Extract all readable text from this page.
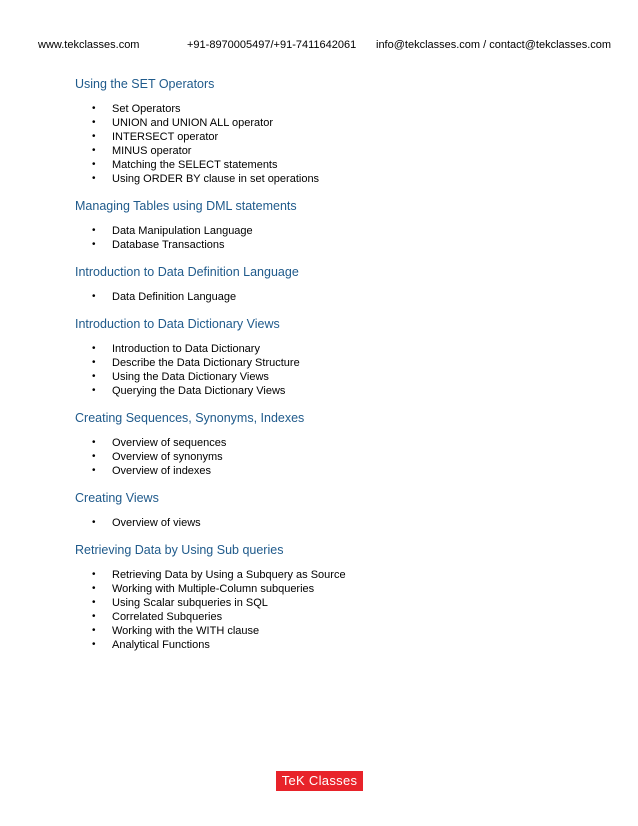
www.tekclasses.com	+91-8970005497/+91-7411642061 info@tekclasses.com / contact@tekclasses.com
Using the SET Operators
• Set Operators
• UNION and UNION ALL operator
• INTERSECT operator
• MINUS operator
• Matching the SELECT statements
• Using ORDER BY clause in set operations
Managing Tables using DML statements
• Data Manipulation Language
• Database Transactions
Introduction to Data Definition Language
• Data Definition Language
Introduction to Data Dictionary Views
• Introduction to Data Dictionary
• Describe the Data Dictionary Structure
• Using the Data Dictionary Views
• Querying the Data Dictionary Views
Creating Sequences, Synonyms, Indexes
• Overview of sequences
• Overview of synonyms
• Overview of indexes
Creating Views
• Overview of views
Retrieving Data by Using Sub queries
• Retrieving Data by Using a Subquery as Source
• Working with Multiple-Column subqueries
• Using Scalar subqueries in SQL
• Correlated Subqueries
• Working with the WITH clause
• Analytical Functions
TeK Classes
